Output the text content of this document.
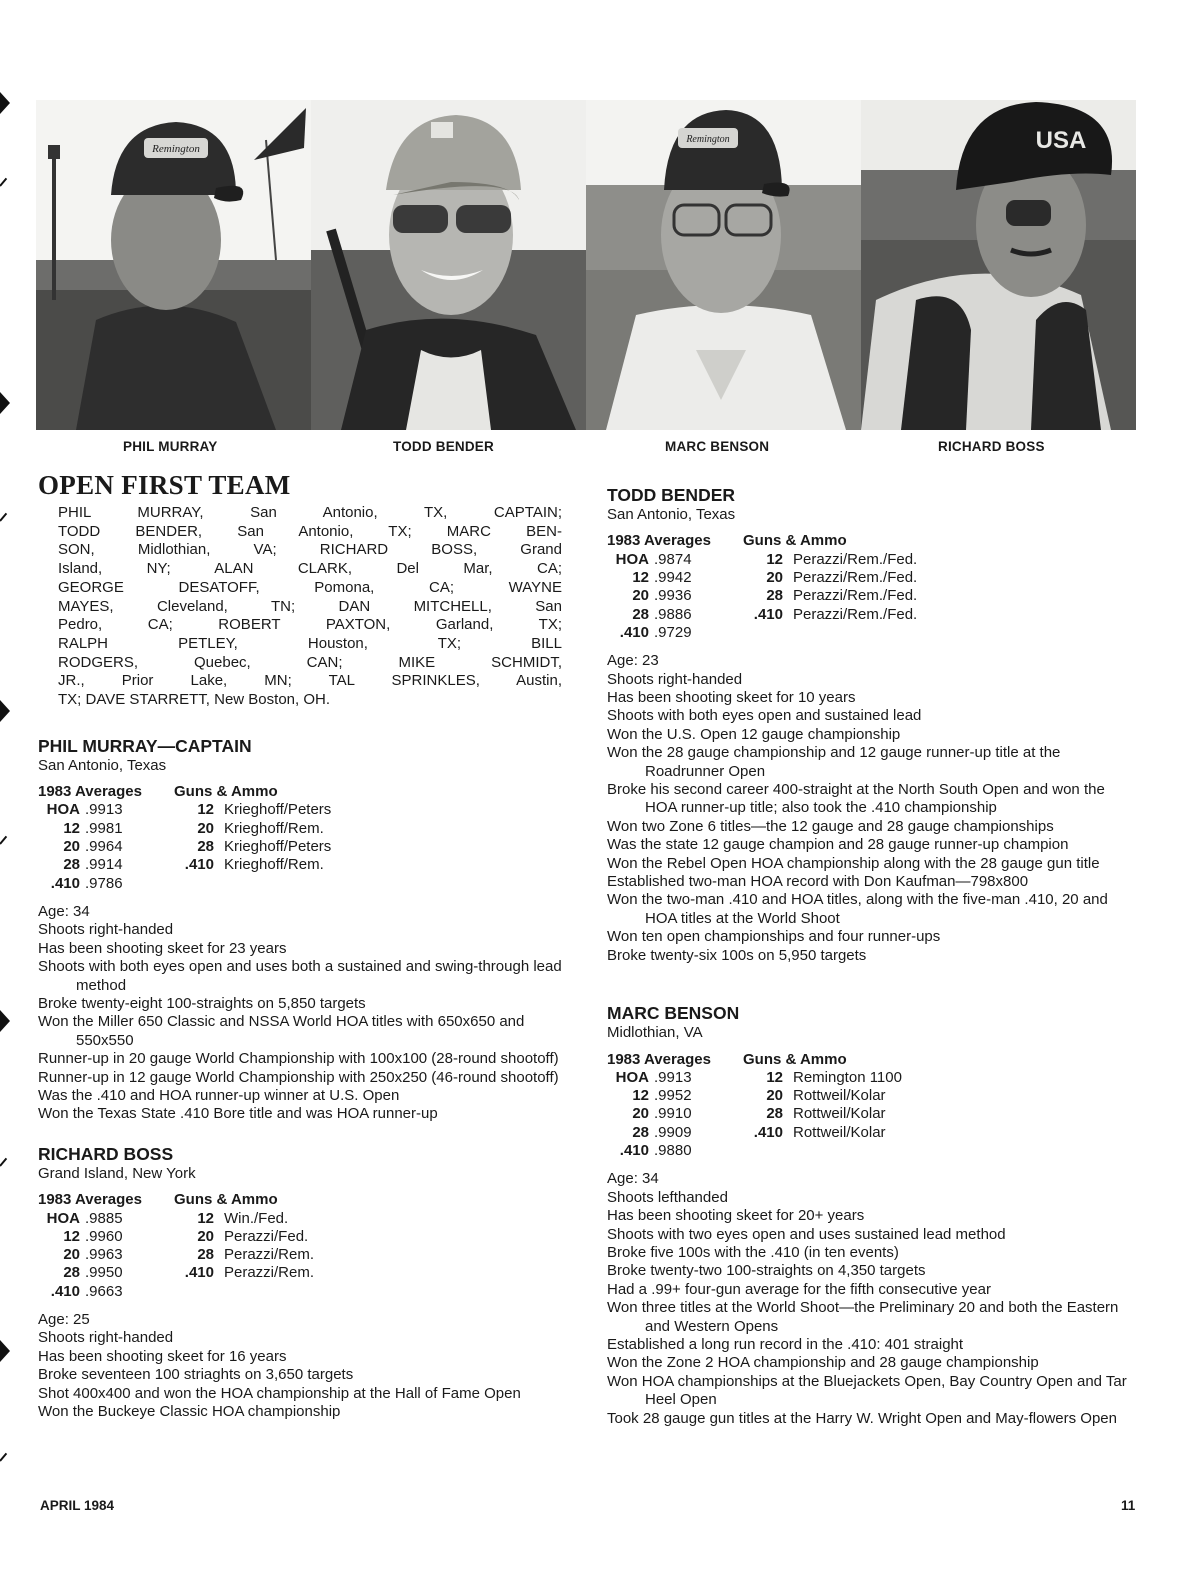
Remington
Remington	USA
PHIL MURRAY	TODD BENDER	MARC BENSON	RICHARD BOSS
OPEN FIRST TEAM

PHIL MURRAY, San Antonio, TX, CAPTAIN;
TODD BENDER, San Antonio, TX; MARC BEN-
SON, Midlothian, VA; RICHARD BOSS, Grand
Island, NY; ALAN CLARK, Del Mar, CA;
GEORGE DESATOFF, Pomona, CA; WAYNE
MAYES, Cleveland, TN; DAN MITCHELL, San
Pedro, CA; ROBERT PAXTON, Garland, TX;
RALPH PETLEY, Houston, TX; BILL
RODGERS, Quebec, CAN; MIKE SCHMIDT,
JR., Prior Lake, MN; TAL SPRINKLES, Austin,
TX; DAVE STARRETT, New Boston, OH.

PHIL MURRAY—CAPTAIN
San Antonio, Texas
1983 Averages
HOA .9913
12 .9981
20 .9964
28 .9914
.410 .9786
Guns & Ammo
12 Krieghoff/Peters
20 Krieghoff/Rem.
28 Krieghoff/Peters
.410 Krieghoff/Rem.
Age: 34
Shoots right-handed
Has been shooting skeet for 23 years
Shoots with both eyes open and uses both a sustained and swing-through lead method
Broke twenty-eight 100-straights on 5,850 targets
Won the Miller 650 Classic and NSSA World HOA titles with 650x650 and 550x550
Runner-up in 20 gauge World Championship with 100x100 (28-round shootoff)
Runner-up in 12 gauge World Championship with 250x250 (46-round shootoff)
Was the .410 and HOA runner-up winner at U.S. Open
Won the Texas State .410 Bore title and was HOA runner-up
RICHARD BOSS
Grand Island, New York
1983 Averages
HOA .9885
12 .9960
20 .9963
28 .9950
.410 .9663
Guns & Ammo
12 Win./Fed.
20 Perazzi/Fed.
28 Perazzi/Rem.
.410 Perazzi/Rem.
Age: 25
Shoots right-handed
Has been shooting skeet for 16 years
Broke seventeen 100 striaghts on 3,650 targets
Shot 400x400 and won the HOA championship at the Hall of Fame Open
Won the Buckeye Classic HOA championship
TODD BENDER
San Antonio, Texas
1983 Averages
HOA .9874
12 .9942
20 .9936
28 .9886
.410 .9729
Guns & Ammo
12 Perazzi/Rem./Fed.
20 Perazzi/Rem./Fed.
28 Perazzi/Rem./Fed.
.410 Perazzi/Rem./Fed.
Age: 23
Shoots right-handed
Has been shooting skeet for 10 years
Shoots with both eyes open and sustained lead
Won the U.S. Open 12 gauge championship
Won the 28 gauge championship and 12 gauge runner-up title at the Roadrunner Open
Broke his second career 400-straight at the North South Open and won the HOA runner-up title; also took the .410 championship
Won two Zone 6 titles—the 12 gauge and 28 gauge championships
Was the state 12 gauge champion and 28 gauge runner-up champion
Won the Rebel Open HOA championship along with the 28 gauge gun title
Established two-man HOA record with Don Kaufman—798x800
Won the two-man .410 and HOA titles, along with the five-man .410, 20 and HOA titles at the World Shoot
Won ten open championships and four runner-ups
Broke twenty-six 100s on 5,950 targets
MARC BENSON
Midlothian, VA
1983 Averages
HOA .9913
12 .9952
20 .9910
28 .9909
.410 .9880
Guns & Ammo
12 Remington 1100
20 Rottweil/Kolar
28 Rottweil/Kolar
.410 Rottweil/Kolar
Age: 34
Shoots lefthanded
Has been shooting skeet for 20+ years
Shoots with two eyes open and uses sustained lead method
Broke five 100s with the .410 (in ten events)
Broke twenty-two 100-straights on 4,350 targets
Had a .99+ four-gun average for the fifth consecutive year
Won three titles at the World Shoot—the Preliminary 20 and both the Eastern and Western Opens
Established a long run record in the .410: 401 straight
Won the Zone 2 HOA championship and 28 gauge championship
Won HOA championships at the Bluejackets Open, Bay Country Open and Tar Heel Open
Took 28 gauge gun titles at the Harry W. Wright Open and May-flowers Open
APRIL 1984	11
